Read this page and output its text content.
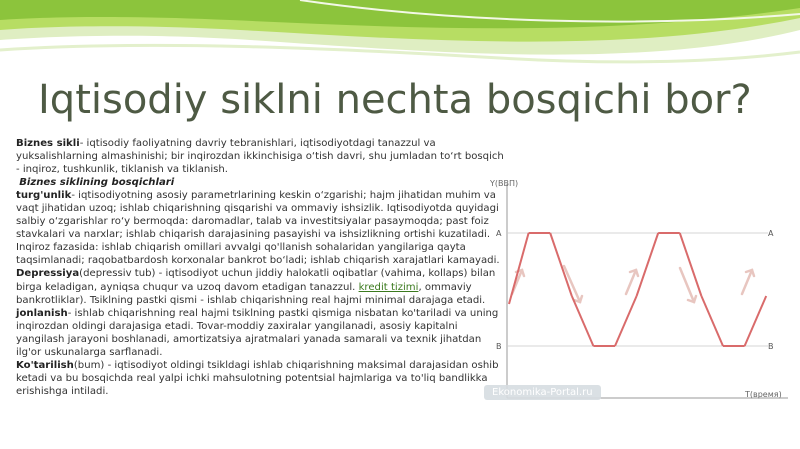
Iqtisodiy siklni nechta bosqichi bor?

Biznes sikli- iqtisodiy faoliyatning davriy tebranishlari, iqtisodiyotdagi tanazzul va yuksalishlarning almashinishi; bir inqirozdan ikkinchisiga o‘tish davri, shu jumladan to‘rt bosqich - inqiroz, tushkunlik, tiklanish va tiklanish.

Biznes siklining bosqichlari

turg'unlik- iqtisodiyotning asosiy parametrlarining keskin o‘zgarishi; hajm jihatidan muhim va vaqt jihatidan uzoq; ishlab chiqarishning qisqarishi va ommaviy ishsizlik. Iqtisodiyotda quyidagi salbiy o‘zgarishlar ro‘y bermoqda: daromadlar, talab va investitsiyalar pasaymoqda; past foiz stavkalari va narxlar; ishlab chiqarish darajasining pasayishi va ishsizlikning ortishi kuzatiladi. Inqiroz fazasida: ishlab chiqarish omillari avvalgi qo'llanish sohalaridan yangilariga qayta taqsimlanadi; raqobatbardosh korxonalar bankrot bo‘ladi; ishlab chiqarish xarajatlari kamayadi.

Depressiya(depressiv tub) - iqtisodiyot uchun jiddiy halokatli oqibatlar (vahima, kollaps) bilan birga keladigan, ayniqsa chuqur va uzoq davom etadigan tanazzul. kredit tizimi, ommaviy bankrotliklar). Tsiklning pastki qismi - ishlab chiqarishning real hajmi minimal darajaga etadi.

jonlanish- ishlab chiqarishning real hajmi tsiklning pastki qismiga nisbatan ko'tariladi va uning inqirozdan oldingi darajasiga etadi. Tovar-moddiy zaxiralar yangilanadi, asosiy kapitalni yangilash jarayoni boshlanadi, amortizatsiya ajratmalari yanada samarali va texnik jihatdan ilg'or uskunalarga sarflanadi.

Ko'tarilish(bum) - iqtisodiyot oldingi tsikldagi ishlab chiqarishning maksimal darajasidan oshib ketadi va bu bosqichda real yalpi ichki mahsulotning potentsial hajmlariga va to'liq bandlikka erishishga intiladi.

Y(ВВП)
T(время)
A
B
A
B
Ekonomika-Portal.ru
